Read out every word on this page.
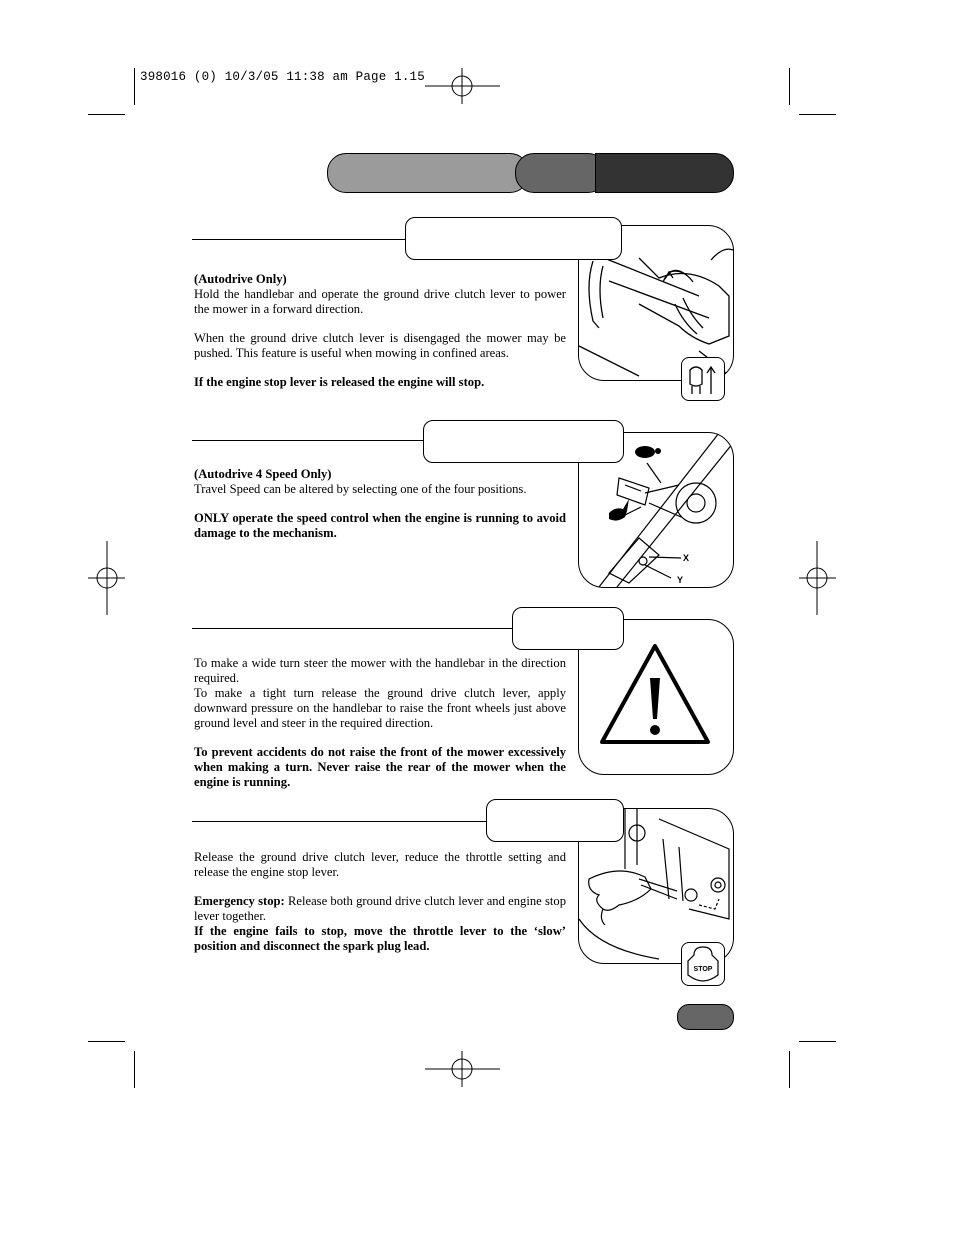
398016 (0) 10/3/05 11:38 am Page 1.15

(Autodrive Only)

Hold the handlebar and operate the ground drive clutch lever to power the mower in a forward direction.

When the ground drive clutch lever is disengaged the mower may be pushed. This feature is useful when mowing in confined areas.

If the engine stop lever is released the engine will stop.

X
Y

(Autodrive 4 Speed Only)

Travel Speed can be altered by selecting one of the four positions.

ONLY operate the speed control when the engine is running to avoid damage to the mechanism.

To make a wide turn steer the mower with the handlebar in the direction required.

To make a tight turn release the ground drive clutch lever, apply downward pressure on the handlebar to raise the front wheels just above ground level and steer in the required direction.

To prevent accidents do not raise the front of the mower excessively when making a turn. Never raise the rear of the mower when the engine is running.

STOP

Release the ground drive clutch lever, reduce the throttle setting and release the engine stop lever.

Emergency stop: Release both ground drive clutch lever and engine stop lever together.

If the engine fails to stop, move the throttle lever to the ‘slow’ position and disconnect the spark plug lead.
